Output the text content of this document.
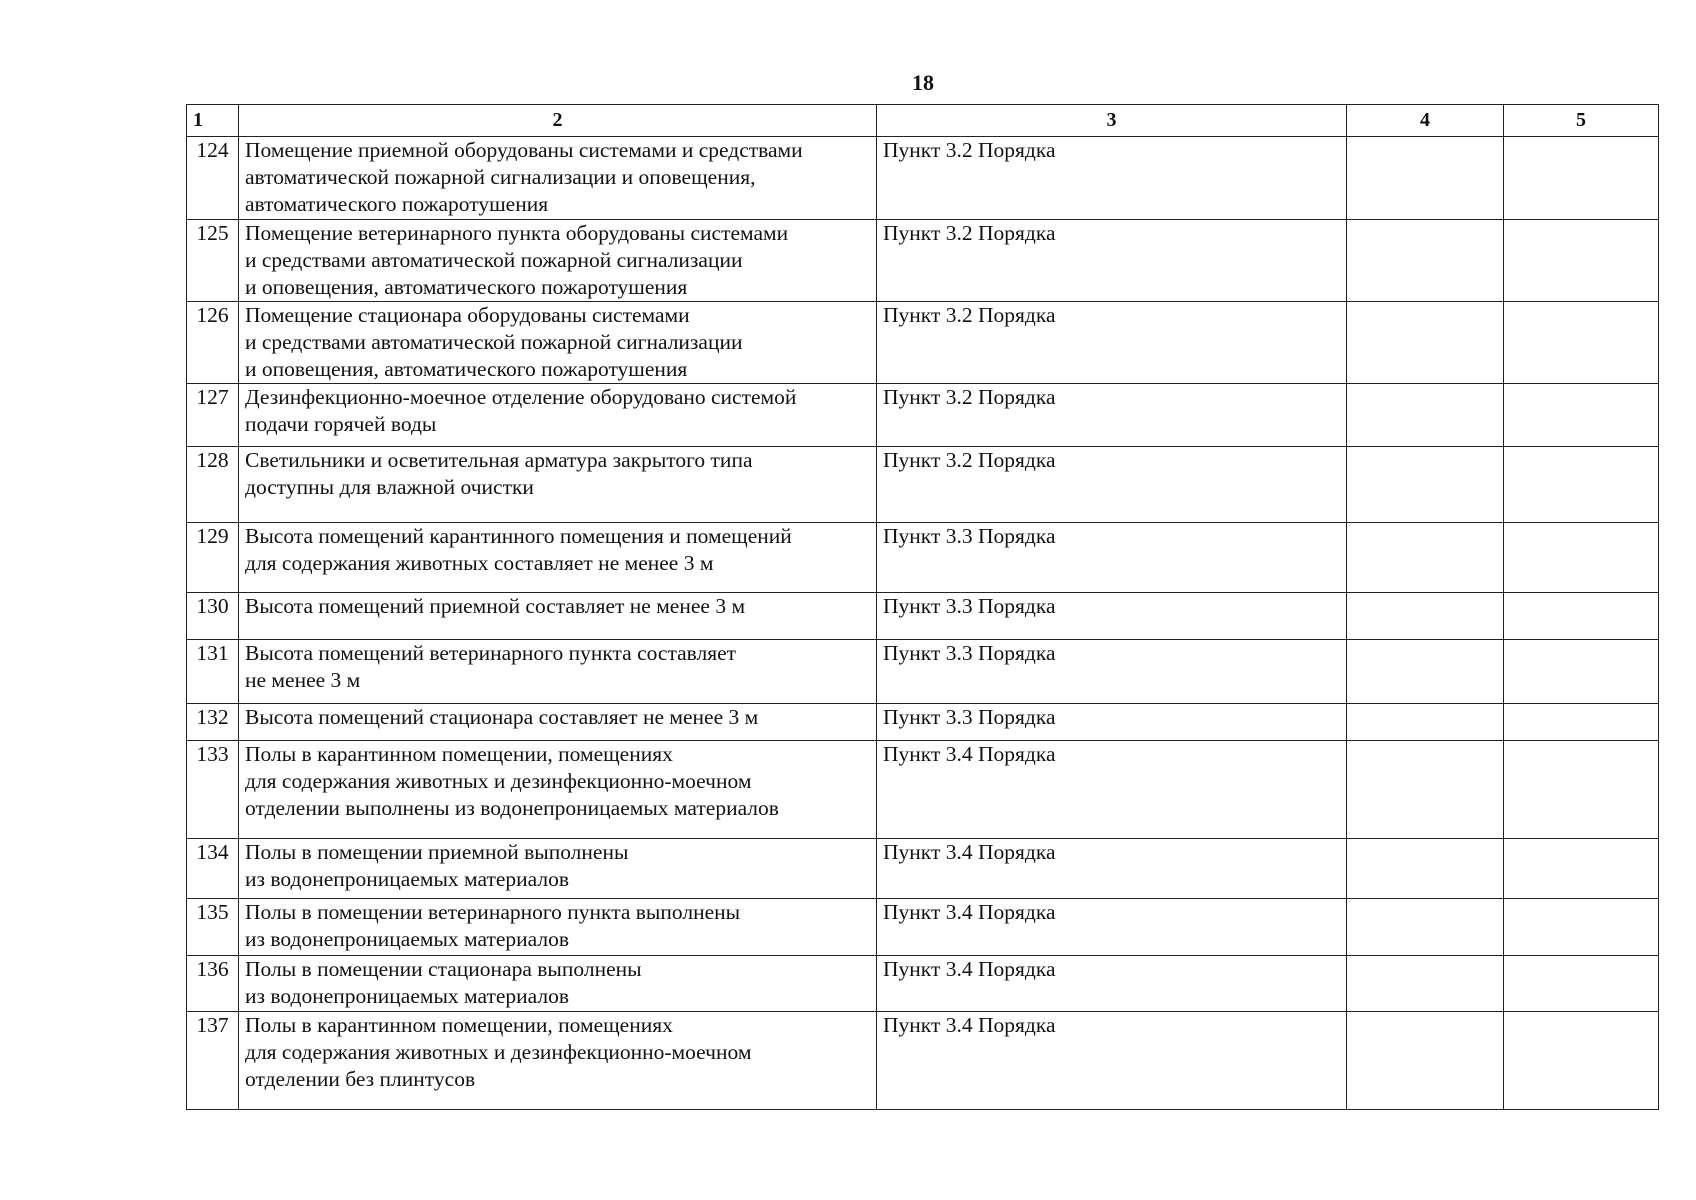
18
1	2	3	4	5
124	Помещение приемной оборудованы системами и средствами
автоматической пожарной сигнализации и оповещения,
автоматического пожаротушения	Пункт 3.2 Порядка		
125	Помещение ветеринарного пункта оборудованы системами
и средствами автоматической пожарной сигнализации
и оповещения, автоматического пожаротушения	Пункт 3.2 Порядка		
126	Помещение стационара оборудованы системами
и средствами автоматической пожарной сигнализации
и оповещения, автоматического пожаротушения	Пункт 3.2 Порядка		
127	Дезинфекционно-моечное отделение оборудовано системой
подачи горячей воды	Пункт 3.2 Порядка		
128	Светильники и осветительная арматура закрытого типа
доступны для влажной очистки	Пункт 3.2 Порядка		
129	Высота помещений карантинного помещения и помещений
для содержания животных составляет не менее 3 м	Пункт 3.3 Порядка		
130	Высота помещений приемной составляет не менее 3 м	Пункт 3.3 Порядка		
131	Высота помещений ветеринарного пункта составляет
не менее 3 м	Пункт 3.3 Порядка		
132	Высота помещений стационара составляет не менее 3 м	Пункт 3.3 Порядка		
133	Полы в карантинном помещении, помещениях
для содержания животных и дезинфекционно-моечном
отделении выполнены из водонепроницаемых материалов	Пункт 3.4 Порядка		
134	Полы в помещении приемной выполнены
из водонепроницаемых материалов	Пункт 3.4 Порядка		
135	Полы в помещении ветеринарного пункта выполнены
из водонепроницаемых материалов	Пункт 3.4 Порядка		
136	Полы в помещении стационара выполнены
из водонепроницаемых материалов	Пункт 3.4 Порядка		
137	Полы в карантинном помещении, помещениях
для содержания животных и дезинфекционно-моечном
отделении без плинтусов	Пункт 3.4 Порядка		
